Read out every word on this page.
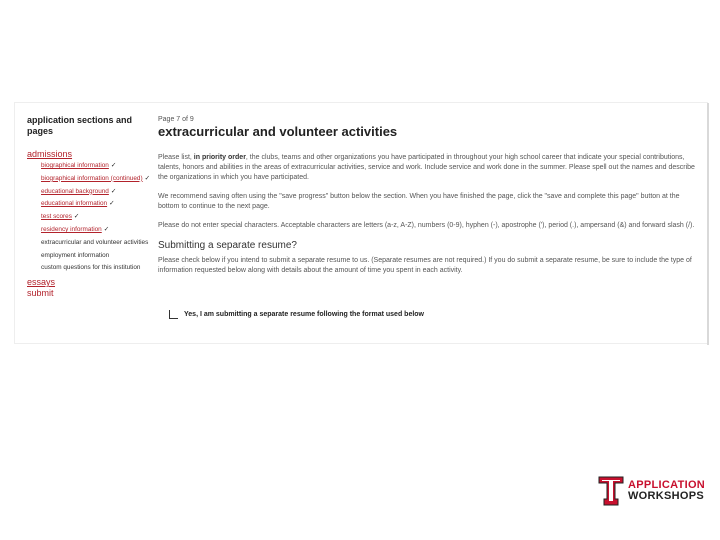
application sections and pages
admissions
biographical information ✓
biographical information (continued) ✓
educational background ✓
educational information ✓
test scores ✓
residency information ✓
extracurricular and volunteer activities
employment information
custom questions for this institution
essays
submit
Page 7 of 9
extracurricular and volunteer activities

Please list, in priority order, the clubs, teams and other organizations you have participated in throughout your high school career that indicate your special contributions, talents, honors and abilities in the areas of extracurricular activities, service and work. Include service and work done in the summer. Please spell out the names and describe the organizations in which you have participated.

We recommend saving often using the "save progress" button below the section. When you have finished the page, click the "save and complete this page" button at the bottom to continue to the next page.

Please do not enter special characters. Acceptable characters are letters (a-z, A-Z), numbers (0-9), hyphen (-), apostrophe ('), period (.), ampersand (&) and forward slash (/).

Submitting a separate resume?

Please check below if you intend to submit a separate resume to us. (Separate resumes are not required.) If you do submit a separate resume, be sure to include the type of information requested below along with details about the amount of time you spent in each activity.

Yes, I am submitting a separate resume following the format used below
APPLICATION
WORKSHOPS
